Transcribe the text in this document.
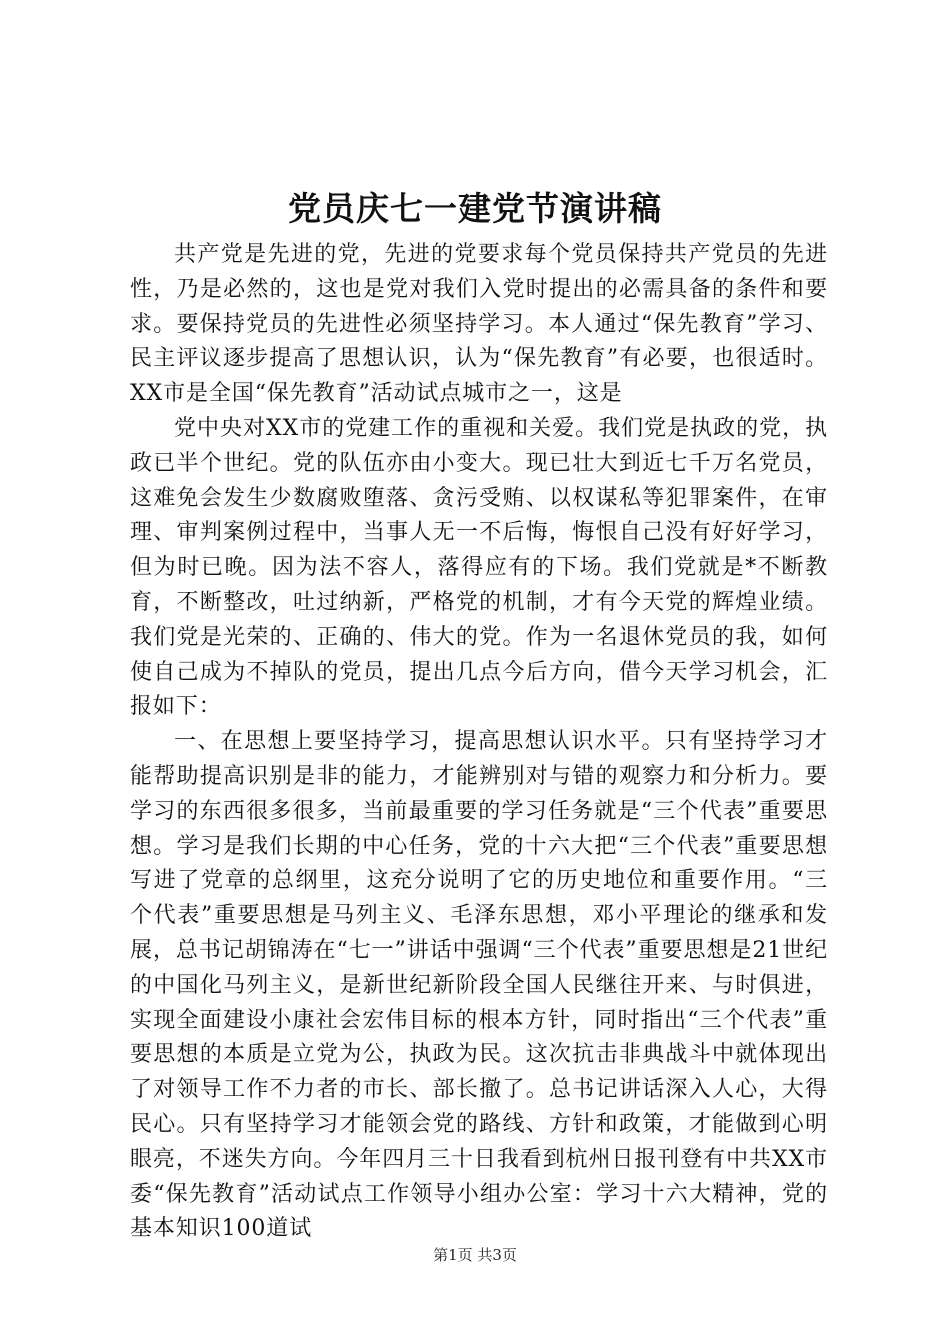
党员庆七一建党节演讲稿

共产党是先进的党，先进的党要求每个党员保持共产党员的先进性，乃是必然的，这也是党对我们入党时提出的必需具备的条件和要求。要保持党员的先进性必须坚持学习。本人通过“保先教育”学习、民主评议逐步提高了思想认识，认为“保先教育”有必要，也很适时。XX市是全国“保先教育”活动试点城市之一，这是

党中央对XX市的党建工作的重视和关爱。我们党是执政的党，执政已半个世纪。党的队伍亦由小变大。现已壮大到近七千万名党员，这难免会发生少数腐败堕落、贪污受贿、以权谋私等犯罪案件，在审理、审判案例过程中，当事人无一不后悔，悔恨自己没有好好学习，但为时已晚。因为法不容人，落得应有的下场。我们党就是*不断教育，不断整改，吐过纳新，严格党的机制，才有今天党的辉煌业绩。我们党是光荣的、正确的、伟大的党。作为一名退休党员的我，如何使自己成为不掉队的党员，提出几点今后方向，借今天学习机会，汇报如下：

一、在思想上要坚持学习，提高思想认识水平。只有坚持学习才能帮助提高识别是非的能力，才能辨别对与错的观察力和分析力。要学习的东西很多很多，当前最重要的学习任务就是“三个代表”重要思想。学习是我们长期的中心任务，党的十六大把“三个代表”重要思想写进了党章的总纲里，这充分说明了它的历史地位和重要作用。“三个代表”重要思想是马列主义、毛泽东思想，邓小平理论的继承和发展，总书记胡锦涛在“七一”讲话中强调“三个代表”重要思想是21世纪的中国化马列主义，是新世纪新阶段全国人民继往开来、与时俱进，实现全面建设小康社会宏伟目标的根本方针，同时指出“三个代表”重要思想的本质是立党为公，执政为民。这次抗击非典战斗中就体现出了对领导工作不力者的市长、部长撤了。总书记讲话深入人心，大得民心。只有坚持学习才能领会党的路线、方针和政策，才能做到心明眼亮，不迷失方向。今年四月三十日我看到杭州日报刊登有中共XX市委“保先教育”活动试点工作领导小组办公室：学习十六大精神，党的基本知识100道试

第1页 共3页
